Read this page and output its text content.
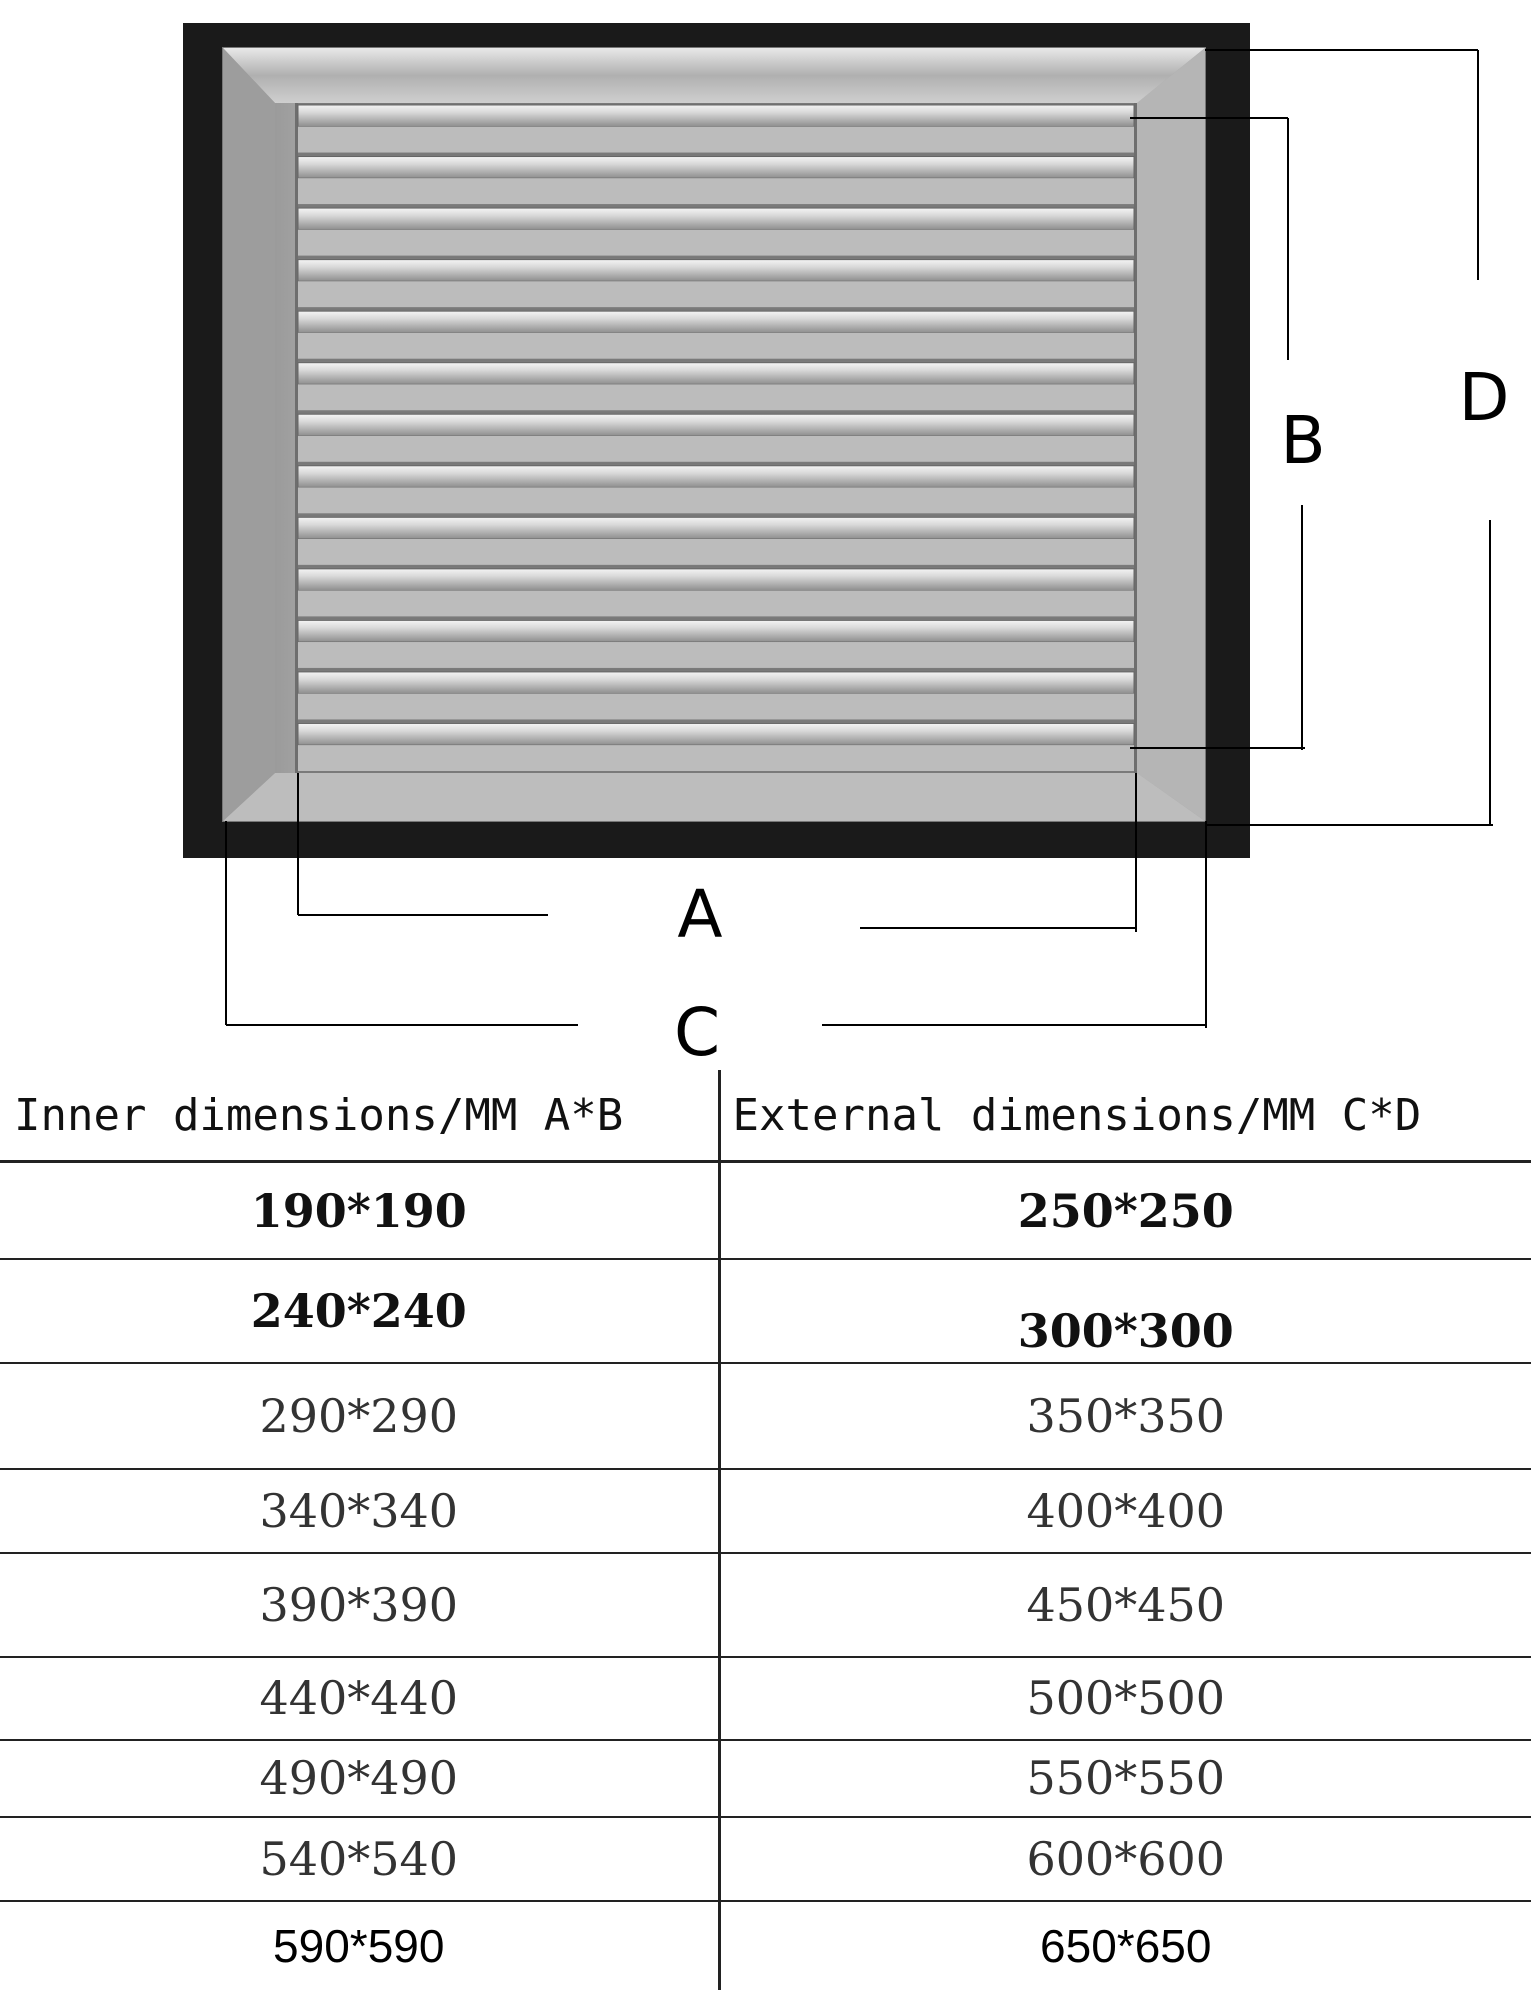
A
B
C
D
Inner dimensions/MM A*B	External dimensions/MM C*D
190*190	250*250
240*240	300*300
290*290	350*350
340*340	400*400
390*390	450*450
440*440	500*500
490*490	550*550
540*540	600*600
590*590	650*650
